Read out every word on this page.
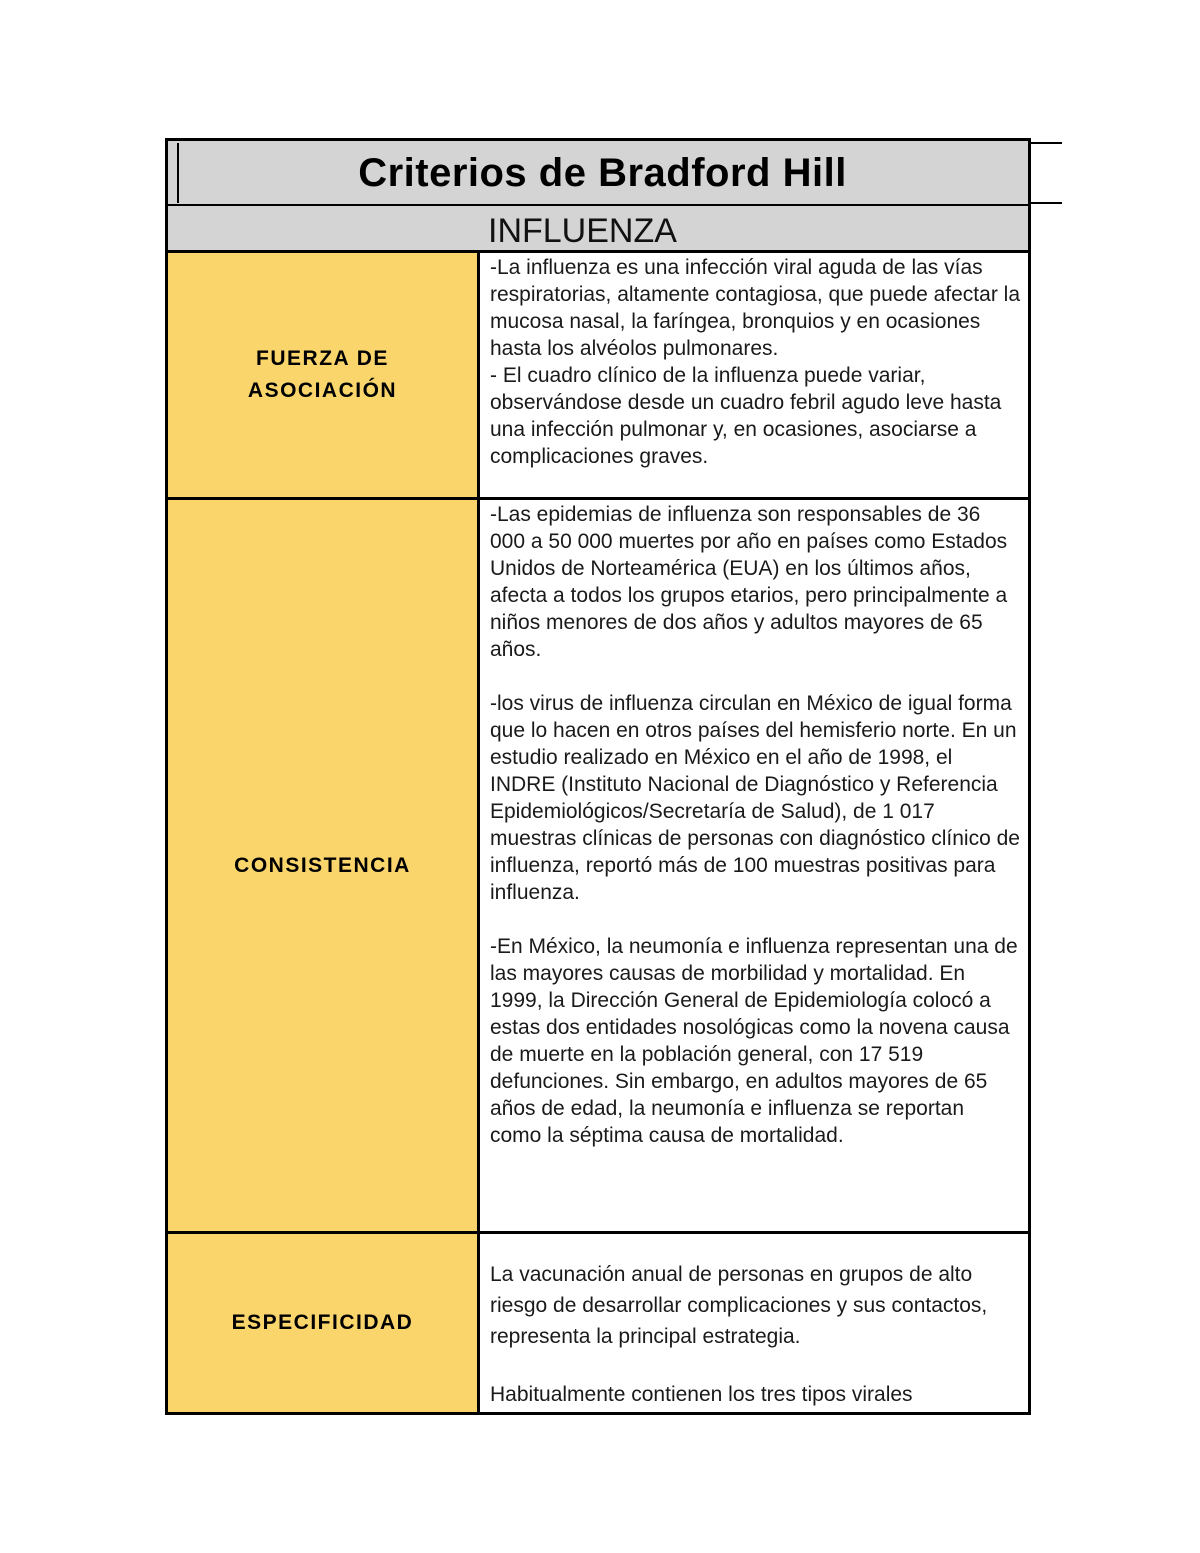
Criterios de Bradford Hill
INFLUENZA
FUERZA DE ASOCIACIÓN

-La influenza es una infección viral aguda de las vías respiratorias, altamente contagiosa, que puede afectar la mucosa nasal, la faríngea, bronquios y en ocasiones hasta los alvéolos pulmonares.

- El cuadro clínico de la influenza puede variar, observándose desde un cuadro febril agudo leve hasta una infección pulmonar y, en ocasiones, asociarse a complicaciones graves.

CONSISTENCIA

-Las epidemias de influenza son responsables de 36 000 a 50 000 muertes por año en países como Estados Unidos de Norteamérica (EUA) en los últimos años, afecta a todos los grupos etarios, pero principalmente a niños menores de dos años y adultos mayores de 65 años.

-los virus de influenza circulan en México de igual forma que lo hacen en otros países del hemisferio norte. En un estudio realizado en México en el año de 1998, el INDRE (Instituto Nacional de Diagnóstico y Referencia Epidemiológicos/Secretaría de Salud), de 1 017 muestras clínicas de personas con diagnóstico clínico de influenza, reportó más de 100 muestras positivas para influenza.

-En México, la neumonía e influenza representan una de las mayores causas de morbilidad y mortalidad. En 1999, la Dirección General de Epidemiología colocó a estas dos entidades nosológicas como la novena causa de muerte en la población general, con 17 519 defunciones. Sin embargo, en adultos mayores de 65 años de edad, la neumonía e influenza se reportan como la séptima causa de mortalidad.

ESPECIFICIDAD

La vacunación anual de personas en grupos de alto riesgo de desarrollar complicaciones y sus contactos, representa la principal estrategia.

Habitualmente contienen los tres tipos virales
